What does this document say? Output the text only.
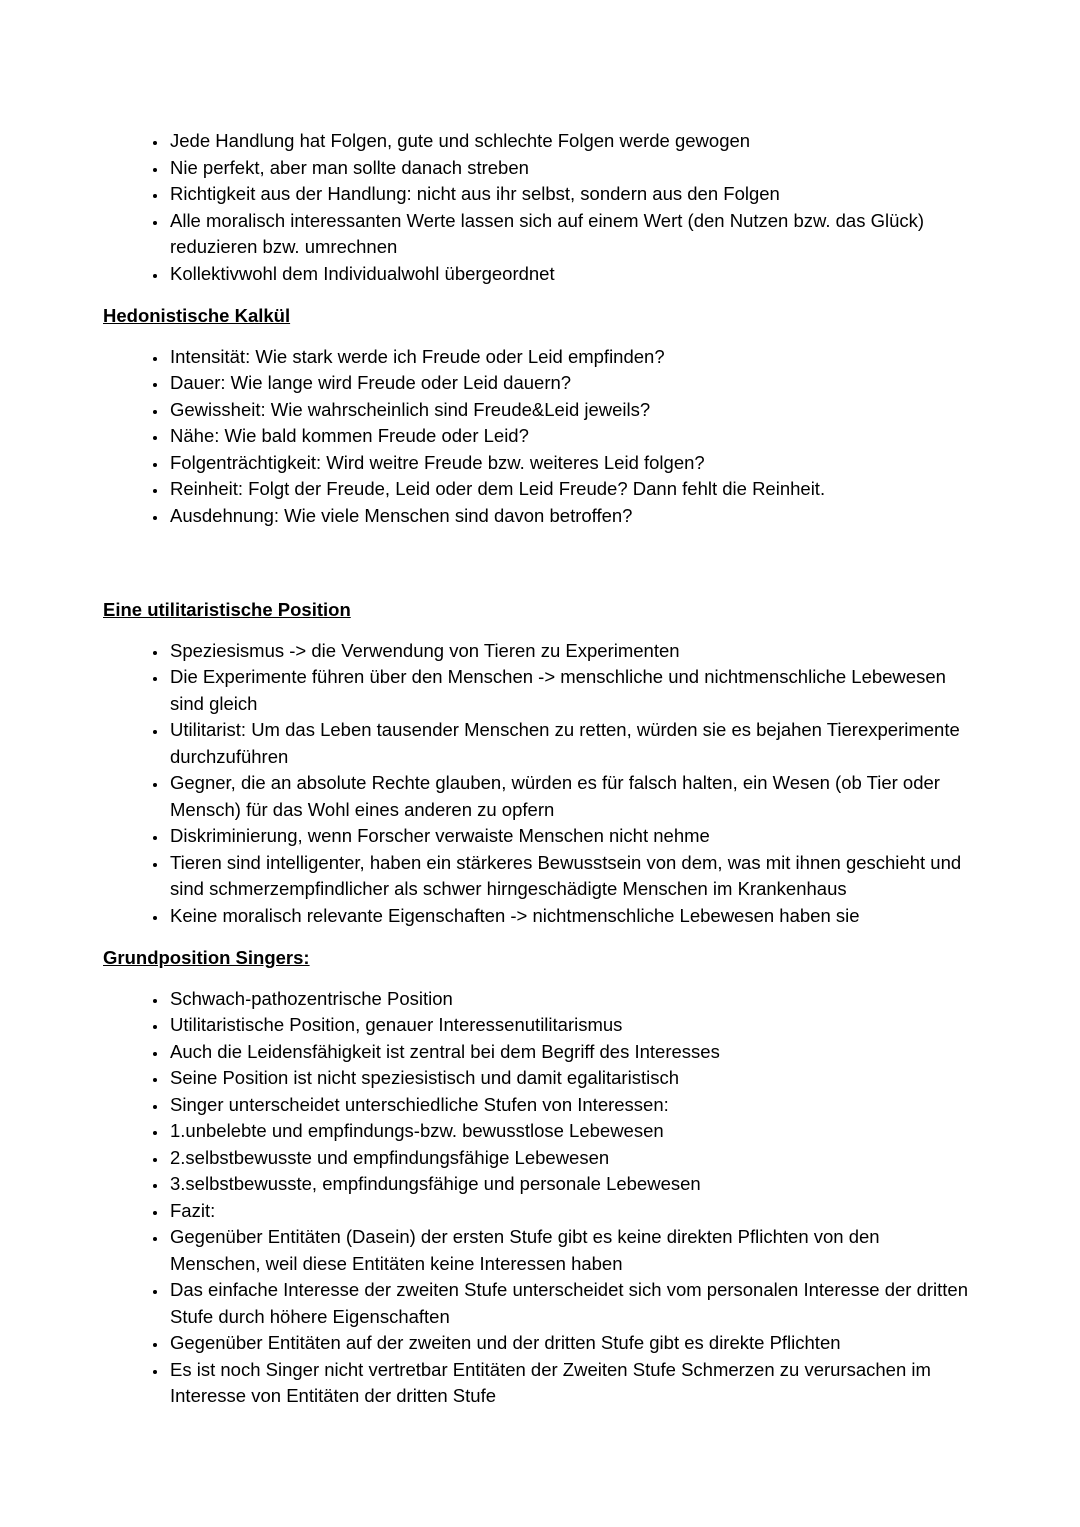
• Jede Handlung hat Folgen, gute und schlechte Folgen werde gewogen
• Nie perfekt, aber man sollte danach streben
• Richtigkeit aus der Handlung: nicht aus ihr selbst, sondern aus den Folgen
• Alle moralisch interessanten Werte lassen sich auf einem Wert (den Nutzen bzw. das Glück) reduzieren bzw. umrechnen
• Kollektivwohl dem Individualwohl übergeordnet
Hedonistische Kalkül
• Intensität: Wie stark werde ich Freude oder Leid empfinden?
• Dauer: Wie lange wird Freude oder Leid dauern?
• Gewissheit: Wie wahrscheinlich sind Freude&Leid jeweils?
• Nähe: Wie bald kommen Freude oder Leid?
• Folgenträchtigkeit: Wird weitre Freude bzw. weiteres Leid folgen?
• Reinheit: Folgt der Freude, Leid oder dem Leid Freude? Dann fehlt die Reinheit.
• Ausdehnung: Wie viele Menschen sind davon betroffen?
Eine utilitaristische Position
• Speziesismus -> die Verwendung von Tieren zu Experimenten
• Die Experimente führen über den Menschen -> menschliche und nichtmenschliche Lebewesen sind gleich
• Utilitarist: Um das Leben tausender Menschen zu retten, würden sie es bejahen Tierexperimente durchzuführen
• Gegner, die an absolute Rechte glauben, würden es für falsch halten, ein Wesen (ob Tier oder Mensch) für das Wohl eines anderen zu opfern
• Diskriminierung, wenn Forscher verwaiste Menschen nicht nehme
• Tieren sind intelligenter, haben ein stärkeres Bewusstsein von dem, was mit ihnen geschieht und sind schmerzempfindlicher als schwer hirngeschädigte Menschen im Krankenhaus
• Keine moralisch relevante Eigenschaften -> nichtmenschliche Lebewesen haben sie
Grundposition Singers:
• Schwach-pathozentrische Position
• Utilitaristische Position, genauer Interessenutilitarismus
• Auch die Leidensfähigkeit ist zentral bei dem Begriff des Interesses
• Seine Position ist nicht speziesistisch und damit egalitaristisch
• Singer unterscheidet unterschiedliche Stufen von Interessen:
• 1.unbelebte und empfindungs-bzw. bewusstlose Lebewesen
• 2.selbstbewusste und empfindungsfähige Lebewesen
• 3.selbstbewusste, empfindungsfähige und personale Lebewesen
• Fazit:
• Gegenüber Entitäten (Dasein) der ersten Stufe gibt es keine direkten Pflichten von den Menschen, weil diese Entitäten keine Interessen haben
• Das einfache Interesse der zweiten Stufe unterscheidet sich vom personalen Interesse der dritten Stufe durch höhere Eigenschaften
• Gegenüber Entitäten auf der zweiten und der dritten Stufe gibt es direkte Pflichten
• Es ist noch Singer nicht vertretbar Entitäten der Zweiten Stufe Schmerzen zu verursachen im Interesse von Entitäten der dritten Stufe
